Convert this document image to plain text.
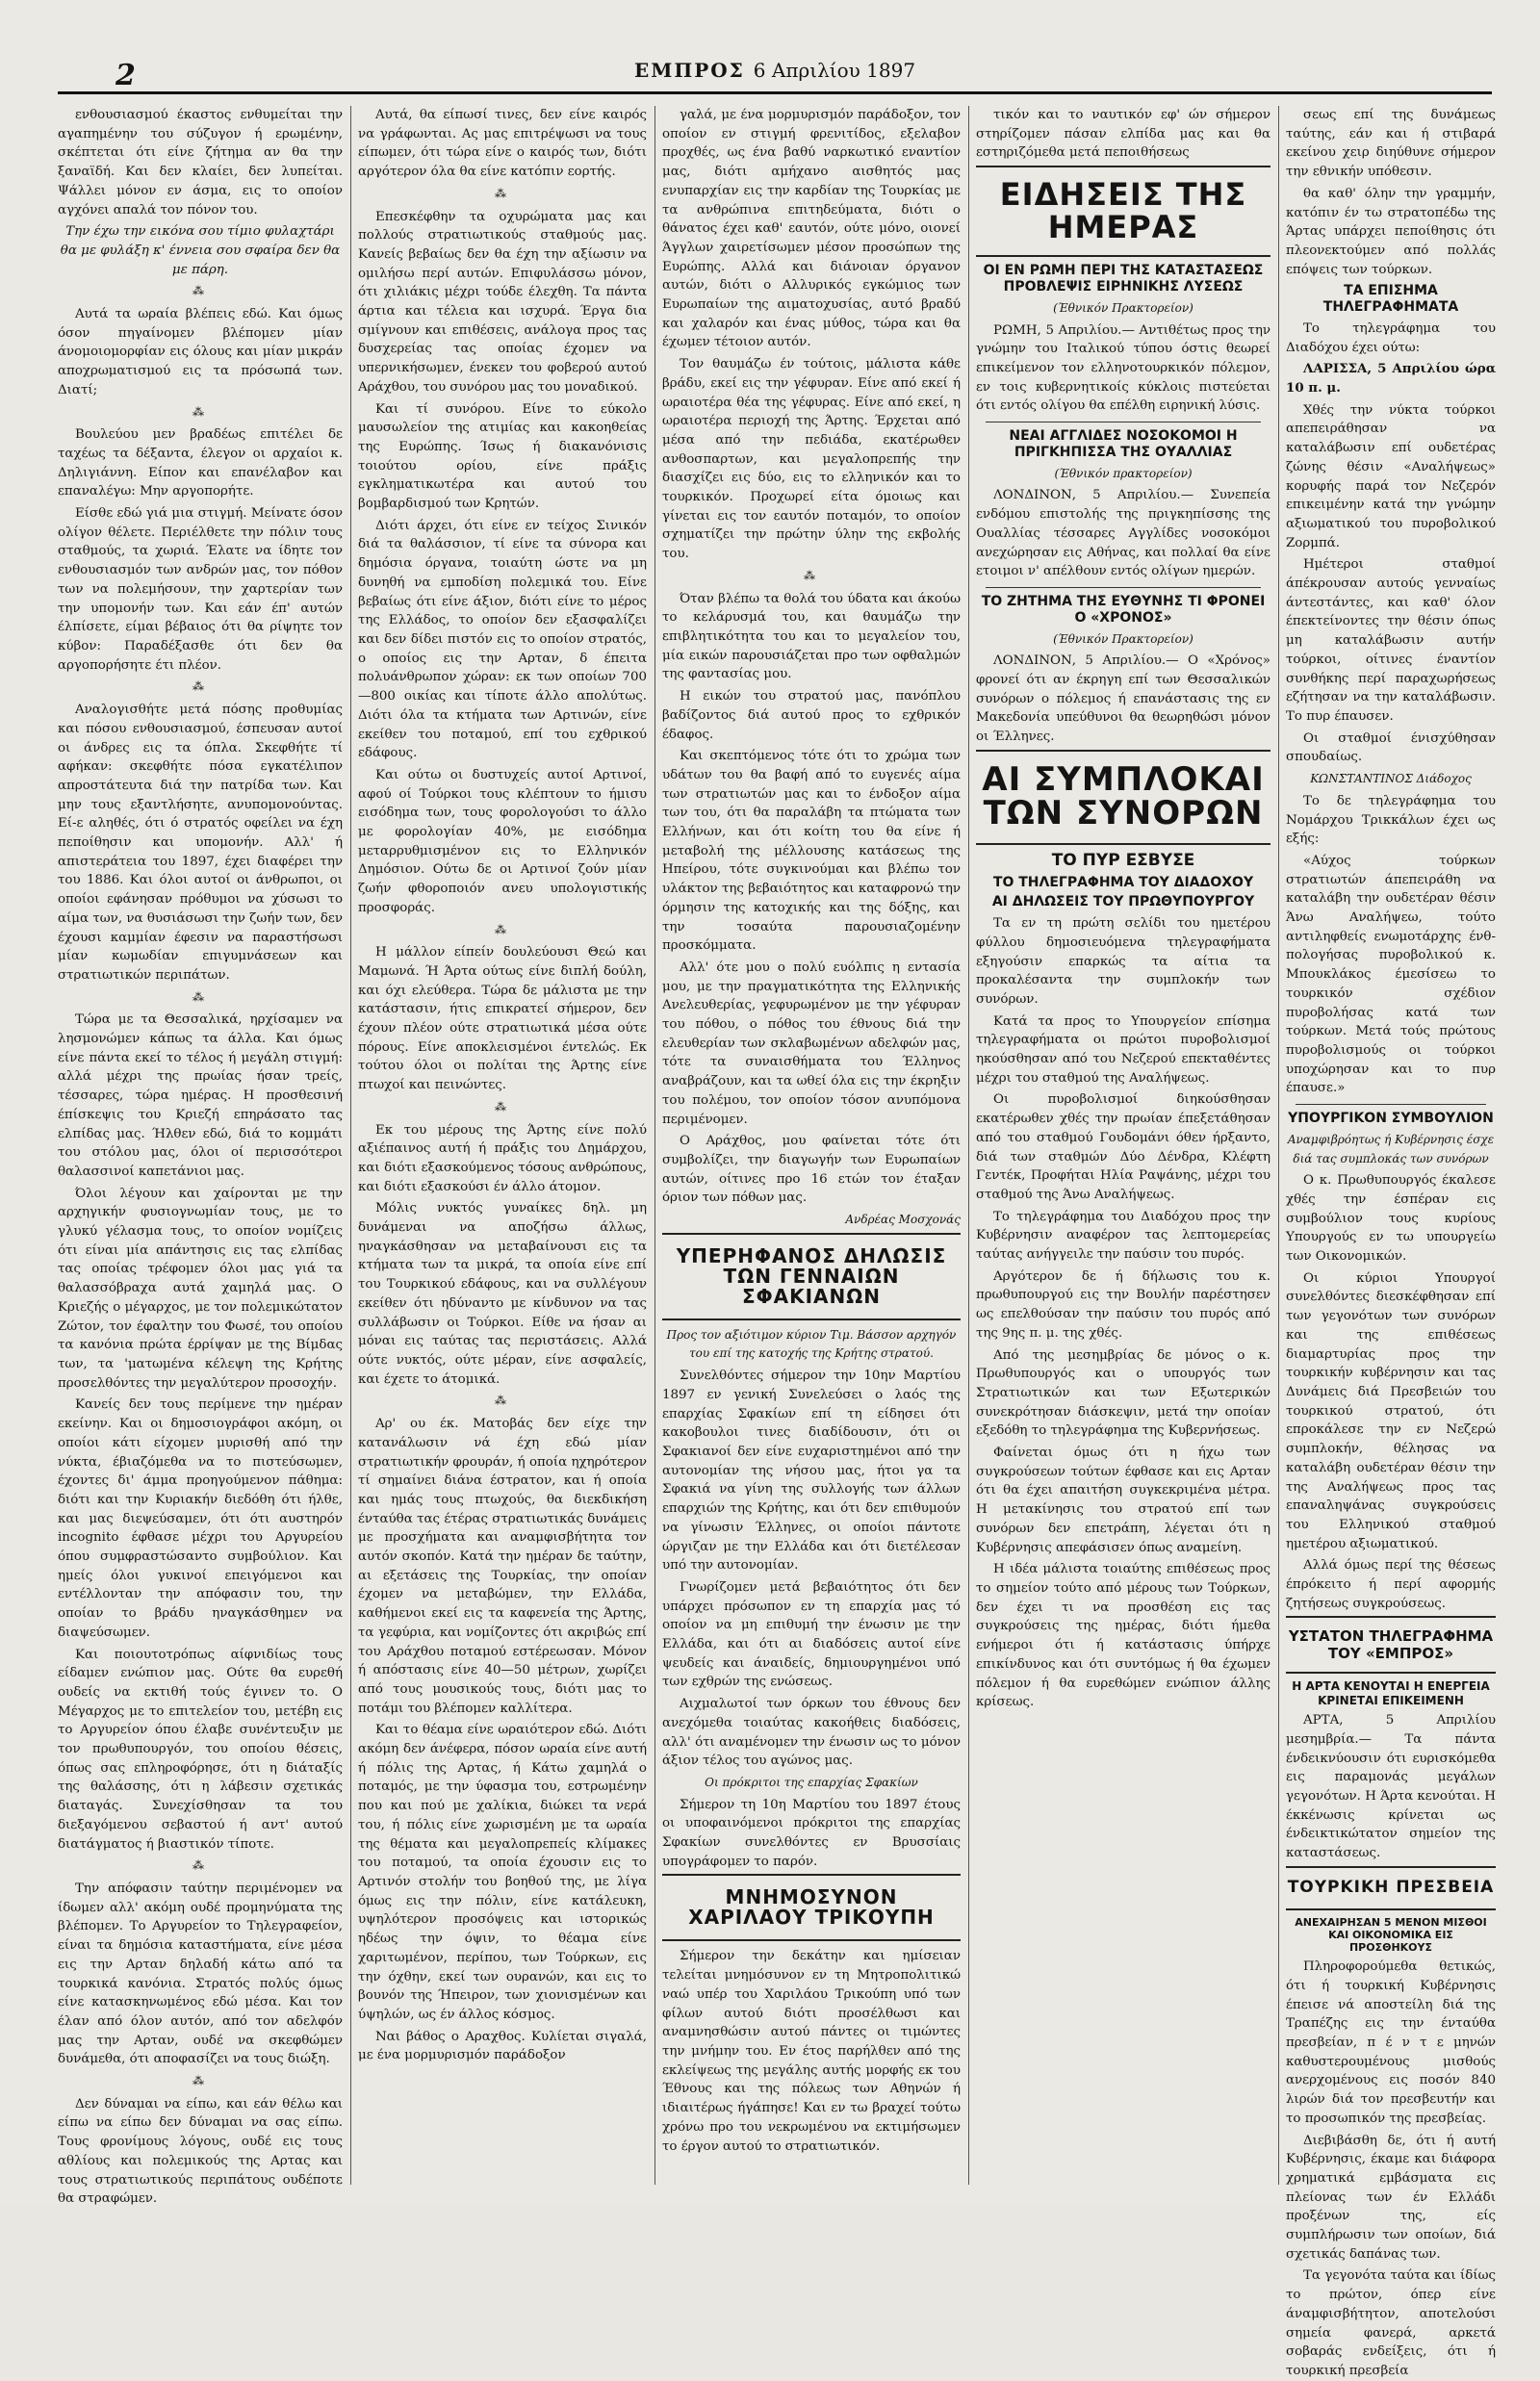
2	ΕΜΠΡΟΣ 6 Απριλίου 1897

ενθουσιασμού έκαστος ενθυμείται την αγαπημένην του σύζυγον ή ερωμένην, σκέπτεται ότι είνε ζήτημα αν θα την ξαναϊδή. Και δεν κλαίει, δεν λυπείται. Ψάλλει μόνον εν άσμα, εις το οποίον αγχόνει απαλά τον πόνον του.

Την έχω την εικόνα σου τίμιο φυλαχτάρι θα με φυλάξη κ' έννεια σου σφαίρα δεν θα με πάρη.

⁂

Αυτά τα ωραία βλέπεις εδώ. Και όμως όσον πηγαίνομεν βλέπομεν μίαν άνομοιομορφίαν εις όλους και μίαν μικράν αποχρωματισμού εις τα πρόσωπά των. Διατί;

⁂

Βουλεύου μεν βραδέως επιτέλει δε ταχέως τα δέξαντα, έλεγον οι αρχαίοι κ. Δηλιγιάννη. Είπον και επανέλαβον και επαναλέγω: Μην αργοπορήτε.

Είσθε εδώ γιά μια στιγμή. Μείνατε όσον ολίγον θέλετε. Περιέλθετε την πόλιν τους σταθμούς, τα χωριά. Έλατε να ίδητε τον ενθουσιασμόν των ανδρών μας, τον πόθον των να πολεμήσουν, την χαρτερίαν των την υπομονήν των. Και εάν έπ' αυτών έλπίσετε, είμαι βέβαιος ότι θα ρίψητε τον κύβον: Παραδέξασθε ότι δεν θα αργοπορήσητε έτι πλέον.

⁂

Αναλογισθήτε μετά πόσης προθυμίας και πόσου ενθουσιασμού, έσπευσαν αυτοί οι άνδρες εις τα όπλα. Σκεφθήτε τί αφήκαν: σκεφθήτε πόσα εγκατέλιπον απροστάτευτα διά την πατρίδα των. Και μην τους εξαντλήσητε, ανυπομονούντας. Εί-ε αληθές, ότι ό στρατός οφείλει να έχη πεποίθησιν και υπομονήν. Αλλ' ή απιστεράτεια του 1897, έχει διαφέρει την του 1886. Και όλοι αυτοί οι άνθρωποι, οι οποίοι εφάνησαν πρόθυμοι να χύσωσι το αίμα των, να θυσιάσωσι την ζωήν των, δεν έχουσι καμμίαν έφεσιν να παραστήσωσι μίαν κωμωδίαν επιγυμνάσεων και στρατιωτικών περιπάτων.

⁂

Τώρα με τα Θεσσαλικά, ηρχίσαμεν να λησμονώμεν κάπως τα άλλα. Και όμως είνε πάντα εκεί το τέλος ή μεγάλη στιγμή: αλλά μέχρι της πρωίας ήσαν τρείς, τέσσαρες, τώρα ημέρας. Η προσθεσινή έπίσκεψις του Κριεζή επηράσατο τας ελπίδας μας. Ήλθεν εδώ, διά το κομμάτι του στόλου μας, όλοι οί περισσότεροι θαλασσινοί καπετάνιοι μας.

Όλοι λέγουν και χαίρονται με την αρχηγικήν φυσιογνωμίαν τους, με το γλυκύ γέλασμα τους, το οποίον νομίζεις ότι είναι μία απάντησις εις τας ελπίδας τας οποίας τρέφομεν όλοι μας γιά τα θαλασσόβραχα αυτά χαμηλά μας. Ο Κριεζής ο μέγαρχος, με τον πολεμικώτατον Ζώτον, τον έφαλτην του Φωσέ, του οποίου τα κανόνια πρώτα έρρίψαν με της Βίμδας των, τα 'ματωμένα κέλεψη της Κρήτης προσελθόντες την μεγαλύτερον προσοχήν.

Κανείς δεν τους περίμενε την ημέραν εκείνην. Και οι δημοσιογράφοι ακόμη, οι οποίοι κάτι είχομεν μυρισθή από την νύκτα, έβιαζόμεθα να το πιστεύσωμεν, έχοντες δι' άμμα προηγούμενον πάθημα: διότι και την Κυριακήν διεδόθη ότι ήλθε, και μας διεψεύσαμεν, ότι ότι αυστηρόν incognito έφθασε μέχρι του Αργυρείου όπου συμφραστώσαντο συμβούλιον. Και ημείς όλοι γυκινοί επειγόμενοι και εντέλλονταν την απόφασιν του, την οποίαν το βράδυ ηναγκάσθημεν να διαψεύσωμεν.

Και ποιουτοτρόπως αίφνιδίως τους είδαμεν ενώπιον μας. Ούτε θα ευρεθή ουδείς να εκτιθή τούς έγινεν το. Ο Μέγαρχος με το επιτελείον του, μετέβη εις το Αργυρείον όπου έλαβε συνέντευξιν με τον πρωθυπουργόν, του οποίου θέσεις, όπως σας επληροφόρησε, ότι η διάταξίς της θαλάσσης, ότι η λάβεσιν σχετικάς διαταγάς. Συνεχίσθησαν τα του διεξαγόμενου σεβαστού ή αντ' αυτού διατάγματος ή βιαστικόν τίποτε.

⁂

Την απόφασιν ταύτην περιμένομεν να ίδωμεν αλλ' ακόμη ουδέ προμηνύματα της βλέπομεν. Το Αργυρείον το Τηλεγραφείον, είναι τα δημόσια καταστήματα, είνε μέσα εις την Αρταν δηλαδή κάτω από τα τουρκικά κανόνια. Στρατός πολύς όμως είνε κατασκηνωμένος εδώ μέσα. Και τον έλαν από όλον αυτόν, από τον αδελφόν μας την Αρταν, ουδέ να σκεφθώμεν δυνάμεθα, ότι αποφασίζει να τους διώξη.

⁂

Δεν δύναμαι να είπω, και εάν θέλω και είπω να είπω δεν δύναμαι να σας είπω. Τους φρονίμους λόγους, ουδέ εις τους αθλίους και πολεμικούς της Αρτας και τους στρατιωτικούς περιπάτους ουδέποτε θα στραφώμεν.

Αυτά, θα είπωσί τινες, δεν είνε καιρός να γράφωνται. Ας μας επιτρέψωσι να τους είπωμεν, ότι τώρα είνε ο καιρός των, διότι αργότερον όλα θα είνε κατόπιν εορτής.

⁂

Επεσκέφθην τα οχυρώματα μας και πολλούς στρατιωτικούς σταθμούς μας. Κανείς βεβαίως δεν θα έχη την αξίωσιν να ομιλήσω περί αυτών. Επιφυλάσσω μόνον, ότι χιλιάκις μέχρι τούδε έλεχθη. Τα πάντα άρτια και τέλεια και ισχυρά. Έργα δια σμίγνουν και επιθέσεις, ανάλογα προς τας δυσχερείας τας οποίας έχομεν να υπερνικήσωμεν, ένεκεν του φοβερού αυτού Αράχθου, του συνόρου μας του μοναδικού.

Και τί συνόρου. Είνε το εύκολο μαυσωλείον της ατιμίας και κακοηθείας της Ευρώπης. Ίσως ή διακανόνισις τοιούτου ορίου, είνε πράξις εγκληματικωτέρα και αυτού του βομβαρδισμού των Κρητών.

Διότι άρχει, ότι είνε εν τείχος Σινικόν διά τα θαλάσσιον, τί είνε τα σύνορα και δημόσια όργανα, τοιαύτη ώστε να μη δυνηθή να εμποδίση πολεμικά του. Είνε βεβαίως ότι είνε άξιον, διότι είνε το μέρος της Ελλάδος, το οποίον δεν εξασφαλίζει και δεν δίδει πιστόν εις το οποίον στρατός, ο οποίος εις την Αρταν, δ έπειτα πολυάνθρωπον χώραν: εκ των οποίων 700—800 οικίας και τίποτε άλλο απολύτως. Διότι όλα τα κτήματα των Αρτινών, είνε εκείθεν του ποταμού, επί του εχθρικού εδάφους.

Και ούτω οι δυστυχείς αυτοί Αρτινοί, αφού οί Τούρκοι τους κλέπτουν το ήμισυ εισόδημα των, τους φορολογούσι το άλλο με φορολογίαν 40%, με εισόδημα μεταρρυθμισμένον εις το Ελληνικόν Δημόσιον. Ούτω δε οι Αρτινοί ζούν μίαν ζωήν φθοροποιόν ανευ υπολογιστικής προσφοράς.

⁂

Η μάλλον είπείν δουλεύουσι Θεώ και Μαμωνά. Ή Άρτα ούτως είνε διπλή δούλη, και όχι ελεύθερα. Τώρα δε μάλιστα με την κατάστασιν, ήτις επικρατεί σήμερον, δεν έχουν πλέον ούτε στρατιωτικά μέσα ούτε πόρους. Είνε αποκλεισμένοι έντελώς. Εκ τούτου όλοι οι πολίται της Άρτης είνε πτωχοί και πεινώντες.

⁂

Εκ του μέρους της Άρτης είνε πολύ αξιέπαινος αυτή ή πράξις του Δημάρχου, και διότι εξασκούμενος τόσους ανθρώπους, και διότι εξασκούσι έν άλλο άτομον.

Μόλις νυκτός γυναίκες δηλ. μη δυνάμεναι να αποζήσω άλλως, ηναγκάσθησαν να μεταβαίνουσι εις τα κτήματα των τα μικρά, τα οποία είνε επί του Τουρκικού εδάφους, και να συλλέγουν εκείθεν ότι ηδύναντο με κίνδυνον να τας συλλάβωσιν οι Τούρκοι. Είθε να ήσαν αι μόναι εις ταύτας τας περιστάσεις. Αλλά ούτε νυκτός, ούτε μέραν, είνε ασφαλείς, και έχετε το άτομικά.

⁂

Αρ' ου έκ. Ματοβάς δεν είχε την κατανάλωσιν νά έχη εδώ μίαν στρατιωτικήν φρουράν, ή οποία ηχηρότερον τί σημαίνει διάνα έστρατον, και ή οποία και ημάς τους πτωχούς, θα διεκδικήση ένταύθα τας έτέρας στρατιωτικάς δυνάμεις με προσχήματα και αναμφισβήτητα τον αυτόν σκοπόν. Κατά την ημέραν δε ταύτην, αι εξετάσεις της Τουρκίας, την οποίαν έχομεν να μεταβώμεν, την Ελλάδα, καθήμενοι εκεί εις τα καφενεία της Άρτης, τα γεφύρια, και νομίζοντες ότι ακριβώς επί του Αράχθου ποταμού εστέρεωσαν. Μόνον ή απόστασις είνε 40—50 μέτρων, χωρίζει από τους μουσικούς τους, διότι μας το ποτάμι του βλέπομεν καλλίτερα.

Και το θέαμα είνε ωραιότερον εδώ. Διότι ακόμη δεν άνέφερα, πόσον ωραία είνε αυτή ή πόλις της Αρτας, ή Κάτω χαμηλά ο ποταμός, με την ύφασμα του, εστρωμένην που και πού με χαλίκια, διώκει τα νερά του, ή πόλις είνε χωρισμένη με τα ωραία της θέματα και μεγαλοπρεπείς κλίμακες του ποταμού, τα οποία έχουσιν εις το Αρτινόν στολήν του βοηθού της, με λίγα όμως εις την πόλιν, είνε κατάλευκη, υψηλότερον προσόψεις και ιστορικώς ηδέως την όψιν, το θέαμα είνε χαριτωμένον, περίπου, των Τούρκων, εις την όχθην, εκεί των ουρανών, και εις το βουνόν της Ήπειρον, των χιονισμένων και ύψηλών, ως έν άλλος κόσμος.

Ναι βάθος ο Αραχθος. Κυλίεται σιγαλά, με ένα μορμυρισμόν παράδοξον

γαλά, με ένα μορμυρισμόν παράδοξον, τον οποίον εν στιγμή φρενιτίδος, εξελαβον προχθές, ως ένα βαθύ ναρκωτικό εναντίον μας, διότι αμήχανο αισθητός μας ενυπαρχίαν εις την καρδίαν της Τουρκίας με τα ανθρώπινα επιτηδεύματα, διότι ο θάνατος έχει καθ' εαυτόν, ούτε μόνο, οιονεί Άγγλων χαιρετίσωμεν μέσον προσώπων της Ευρώπης. Αλλά και διάνοιαν όργανον αυτών, διότι ο Αλλυρικός εγκώμιος των Ευρωπαίων της αιματοχυσίας, αυτό βραδύ και χαλαρόν και ένας μύθος, τώρα και θα έχωμεν τέτοιον αυτόν.

Τον θαυμάζω έν τούτοις, μάλιστα κάθε βράδυ, εκεί εις την γέφυραν. Είνε από εκεί ή ωραιοτέρα θέα της γέφυρας. Είνε από εκεί, η ωραιοτέρα περιοχή της Άρτης. Έρχεται από μέσα από την πεδιάδα, εκατέρωθεν ανθοσπαρτων, και μεγαλοπρεπής την διασχίζει εις δύο, εις το ελληνικόν και το τουρκικόν. Προχωρεί είτα όμοιως και γίνεται εις τον εαυτόν ποταμόν, το οποίον σχηματίζει την πρώτην ύλην της εκβολής του.

⁂

Όταν βλέπω τα θολά του ύδατα και άκούω το κελάρυσμά του, και θαυμάζω την επιβλητικότητα του και το μεγαλείον του, μία εικών παρουσιάζεται προ των οφθαλμών της φαντασίας μου.

Η εικών του στρατού μας, πανόπλου βαδίζοντος διά αυτού προς το εχθρικόν έδαφος.

Και σκεπτόμενος τότε ότι το χρώμα των υδάτων του θα βαφή από το ευγενές αίμα των στρατιωτών μας και το ένδοξον αίμα των του, ότι θα παραλάβη τα πτώματα των Ελλήνων, και ότι κοίτη του θα είνε ή μεταβολή της μέλλουσης κατάσεως της Ηπείρου, τότε συγκινούμαι και βλέπω τον υλάκτον της βεβαιότητος και καταφρονώ την όρμησιν της κατοχικής και της δόξης, και την τοσαύτα παρουσιαζομένην προσκόμματα.

Αλλ' ότε μου ο πολύ ευόλπις η εντασία μου, με την πραγματικότητα της Ελληνικής Ανελευθερίας, γεφυρωμένον με την γέφυραν του πόθου, ο πόθος του έθνους διά την ελευθερίαν των σκλαβωμένων αδελφών μας, τότε τα συναισθήματα του Έλληνος αναβράζουν, και τα ωθεί όλα εις την έκρηξιν του πολέμου, τον οποίον τόσον ανυπόμονα περιμένομεν.

Ο Αράχθος, μου φαίνεται τότε ότι συμβολίζει, την διαγωγήν των Ευρωπαίων αυτών, οίτινες προ 16 ετών τον έταξαν όριον των πόθων μας.

Ανδρέας Μοσχονάς

ΥΠΕΡΗΦΑΝΟΣ ΔΗΛΩΣΙΣ ΤΩΝ ΓΕΝΝΑΙΩΝ ΣΦΑΚΙΑΝΩΝ

Προς τον αξιότιμον κύριον Τιμ. Βάσσον αρχηγόν του επί της κατοχής της Κρήτης στρατού.

Συνελθόντες σήμερον την 10ην Μαρτίου 1897 εν γενική Συνελεύσει ο λαός της επαρχίας Σφακίων επί τη είδησει ότι κακοβουλοι τινες διαδίδουσιν, ότι οι Σφακιανοί δεν είνε ευχαριστημένοι από την αυτονομίαν της νήσου μας, ήτοι γα τα Σφακιά να γίνη της συλλογής των άλλων επαρχιών της Κρήτης, και ότι δεν επιθυμούν να γίνωσιν Έλληνες, οι οποίοι πάντοτε ώργιζαν με την Ελλάδα και ότι διετέλεσαν υπό την αυτονομίαν.

Γνωρίζομεν μετά βεβαιότητος ότι δεν υπάρχει πρόσωπον εν τη επαρχία μας τό οποίον να μη επιθυμή την ένωσιν με την Ελλάδα, και ότι αι διαδόσεις αυτοί είνε ψευδείς και άναιδείς, δημιουργημένοι υπό των εχθρών της ενώσεως.

Αιχμαλωτοί των όρκων του έθνους δεν ανεχόμεθα τοιαύτας κακοήθεις διαδόσεις, αλλ' ότι αναμένομεν την ένωσιν ως το μόνον άξιον τέλος του αγώνος μας.

Οι πρόκριτοι της επαρχίας Σφακίων

Σήμερον τη 10η Μαρτίου του 1897 έτους οι υποφαινόμενοι πρόκριτοι της επαρχίας Σφακίων συνελθόντες εν Βρυσσίαις υπογράφομεν το παρόν.

ΜΝΗΜΟΣΥΝΟΝ ΧΑΡΙΛΑΟΥ ΤΡΙΚΟΥΠΗ

Σήμερον την δεκάτην και ημίσειαν τελείται μνημόσυνον εν τη Μητροπολιτικώ ναώ υπέρ του Χαριλάου Τρικούπη υπό των φίλων αυτού διότι προσέλθωσι και αναμνησθώσιν αυτού πάντες οι τιμώντες την μνήμην του. Εν έτος παρήλθεν από της εκλείψεως της μεγάλης αυτής μορφής εκ του Έθνους και της πόλεως των Αθηνών ή ιδιαιτέρως ήγάπησε! Και εν τω βραχεί τούτω χρόνω προ του νεκρωμένου να εκτιμήσωμεν το έργον αυτού το στρατιωτικόν.

τικόν και το ναυτικόν εφ' ών σήμερον στηρίζομεν πάσαν ελπίδα μας και θα εστηριζόμεθα μετά πεποιθήσεως

ΕΙΔΗΣΕΙΣ ΤΗΣ ΗΜΕΡΑΣ
ΟΙ ΕΝ ΡΩΜΗ ΠΕΡΙ ΤΗΣ ΚΑΤΑΣΤΑΣΕΩΣ ΠΡΟΒΛΕΨΙΣ ΕΙΡΗΝΙΚΗΣ ΛΥΣΕΩΣ

(Έθνικόν Πρακτορείον)

ΡΩΜΗ, 5 Απριλίου.— Αντιθέτως προς την γνώμην του Ιταλικού τύπου όστις θεωρεί επικείμενον τον ελληνοτουρκικόν πόλεμον, εν τοις κυβερνητικοίς κύκλοις πιστεύεται ότι εντός ολίγου θα επέλθη ειρηνική λύσις.

ΝΕΑΙ ΑΓΓΛΙΔΕΣ ΝΟΣΟΚΟΜΟΙ Η ΠΡΙΓΚΗΠΙΣΣΑ ΤΗΣ ΟΥΑΛΛΙΑΣ

(Έθνικόν πρακτορείον)

ΛΟΝΔΙΝΟΝ, 5 Απριλίου.— Συνεπεία ενδόμου επιστολής της πριγκηπίσσης της Ουαλλίας τέσσαρες Αγγλίδες νοσοκόμοι ανεχώρησαν εις Αθήνας, και πολλαί θα είνε ετοιμοι ν' απέλθουν εντός ολίγων ημερών.

ΤΟ ΖΗΤΗΜΑ ΤΗΣ ΕΥΘΥΝΗΣ ΤΙ ΦΡΟΝΕΙ Ο «ΧΡΟΝΟΣ»

(Έθνικόν Πρακτορείον)

ΛΟΝΔΙΝΟΝ, 5 Απριλίου.— Ο «Χρόνος» φρονεί ότι αν έκρηγη επί των Θεσσαλικών συνόρων ο πόλεμος ή επανάστασις της εν Μακεδονία υπεύθυνοι θα θεωρηθώσι μόνον οι Έλληνες.

ΑΙ ΣΥΜΠΛΟΚΑΙ ΤΩΝ ΣΥΝΟΡΩΝ
ΤΟ ΠΥΡ ΕΣΒΥΣΕ
ΤΟ ΤΗΛΕΓΡΑΦΗΜΑ ΤΟΥ ΔΙΑΔΟΧΟΥ
ΑΙ ΔΗΛΩΣΕΙΣ ΤΟΥ ΠΡΩΘΥΠΟΥΡΓΟΥ

Τα εν τη πρώτη σελίδι του ημετέρου φύλλου δημοσιευόμενα τηλεγραφήματα εξηγούσιν επαρκώς τα αίτια τα προκαλέσαντα την συμπλοκήν των συνόρων.

Κατά τα προς το Υπουργείον επίσημα τηλεγραφήματα οι πρώτοι πυροβολισμοί ηκούσθησαν από του Νεζερού επεκταθέντες μέχρι του σταθμού της Αναλήψεως.

Οι πυροβολισμοί διηκούσθησαν εκατέρωθεν χθές την πρωίαν έπεξετάθησαν από του σταθμού Γουδομάνι όθεν ήρξαντο, διά των σταθμών Δύο Δένδρα, Κλέφτη Γεντέκ, Προφήται Ηλία Ραψάνης, μέχρι του σταθμού της Άνω Αναλήψεως.

Το τηλεγράφημα του Διαδόχου προς την Κυβέρνησιν αναφέρον τας λεπτομερείας ταύτας ανήγγειλε την παύσιν του πυρός.

Αργότερον δε ή δήλωσις του κ. πρωθυπουργού εις την Βουλήν παρέστησεν ως επελθούσαν την παύσιν του πυρός από της 9ης π. μ. της χθές.

Από της μεσημβρίας δε μόνος ο κ. Πρωθυπουργός και ο υπουργός των Στρατιωτικών και των Εξωτερικών συνεκρότησαν διάσκεψιν, μετά την οποίαν εξεδόθη το τηλεγράφημα της Κυβερνήσεως.

Φαίνεται όμως ότι η ήχω των συγκρούσεων τούτων έφθασε και εις Αρταν ότι θα έχει απαιτήση συγκεκριμένα μέτρα. Η μετακίνησις του στρατού επί των συνόρων δεν επετράπη, λέγεται ότι η Κυβέρνησις απεφάσισεν όπως αναμείνη.

Η ιδέα μάλιστα τοιαύτης επιθέσεως προς το σημείον τούτο από μέρους των Τούρκων, δεν έχει τι να προσθέση εις τας συγκρούσεις της ημέρας, διότι ήμεθα ενήμεροι ότι ή κατάστασις ύπήρχε επικίνδυνος και ότι συντόμως ή θα έχωμεν πόλεμον ή θα ευρεθώμεν ενώπιον άλλης κρίσεως.

σεως επί της δυνάμεως ταύτης, εάν και ή στιβαρά εκείνου χειρ διηύθυνε σήμερον την εθνικήν υπόθεσιν.

θα καθ' όλην την γραμμήν, κατόπιν έν τω στρατοπέδω της Άρτας υπάρχει πεποίθησις ότι πλεονεκτούμεν από πολλάς επόψεις των τούρκων.

ΤΑ ΕΠΙΣΗΜΑ ΤΗΛΕΓΡΑΦΗΜΑΤΑ

Το τηλεγράφημα του Διαδόχου έχει ούτω:

ΛΑΡΙΣΣΑ, 5 Απριλίου ώρα 10 π. μ.

Χθές την νύκτα τούρκοι απεπειράθησαν να καταλάβωσιν επί ουδετέρας ζώνης θέσιν «Αναλήψεως» κορυφής παρά τον Νεζερόν επικειμένην κατά την γνώμην αξιωματικού του πυροβολικού Ζορμπά.

Ημέτεροι σταθμοί άπέκρουσαν αυτούς γενναίως άντεστάντες, και καθ' όλον έπεκτείνοντες την θέσιν όπως μη καταλάβωσιν αυτήν τούρκοι, οίτινες έναντίον συνθήκης περί παραχωρήσεως εζήτησαν να την καταλάβωσιν. Το πυρ έπαυσεν.

Οι σταθμοί ένισχύθησαν σπουδαίως.

ΚΩΝΣΤΑΝΤΙΝΟΣ Διάδοχος

Το δε τηλεγράφημα του Νομάρχου Τρικκάλων έχει ως εξής:

«Αύχος τούρκων στρατιωτών άπεπειράθη να καταλάβη την ουδετέραν θέσιν Άνω Αναλήψεω, τούτο αντιληφθείς ενωμοτάρχης ένθ-πολογήσας πυροβολικού κ. Μπουκλάκος έμεσίσεω το τουρκικόν σχέδιον πυροβολήσας κατά των τούρκων. Μετά τούς πρώτους πυροβολισμούς οι τούρκοι υποχώρησαν και το πυρ έπαυσε.»

ΥΠΟΥΡΓΙΚΟΝ ΣΥΜΒΟΥΛΙΟΝ

Αναμφιβρόητως ή Κυβέρνησις έσχε διά τας συμπλοκάς των συνόρων

Ο κ. Πρωθυπουργός έκαλεσε χθές την έσπέραν εις συμβούλιον τους κυρίους Υπουργούς εν τω υπουργείω των Οικονομικών.

Οι κύριοι Υπουργοί συνελθόντες διεσκέφθησαν επί των γεγονότων των συνόρων και της επιθέσεως διαμαρτυρίας προς την τουρκικήν κυβέρνησιν και τας Δυνάμεις διά Πρεσβειών του τουρκικού στρατού, ότι επροκάλεσε την εν Νεζερώ συμπλοκήν, θέλησας να καταλάβη ουδετέραν θέσιν την της Αναλήψεως προς τας επαναληψάνας συγκρούσεις του Ελληνικού σταθμού ημετέρου αξιωματικού.

Αλλά όμως περί της θέσεως έπρόκειτο ή περί αφορμής ζητήσεως συγκρούσεως.

ΥΣΤΑΤΟΝ ΤΗΛΕΓΡΑΦΗΜΑ ΤΟΥ «ΕΜΠΡΟΣ»
Η ΑΡΤΑ ΚΕΝΟΥΤΑΙ Η ΕΝΕΡΓΕΙΑ ΚΡΙΝΕΤΑΙ ΕΠΙΚΕΙΜΕΝΗ

ΑΡΤΑ, 5 Απριλίου μεσημβρία.— Τα πάντα ένδεικνύουσιν ότι ευρισκόμεθα εις παραμονάς μεγάλων γεγονότων. Η Άρτα κενούται. Η έκκένωσις κρίνεται ως ένδεικτικώτατον σημείον της καταστάσεως.

ΤΟΥΡΚΙΚΗ ΠΡΕΣΒΕΙΑ
ΑΝΕΧΑΙΡΗΣΑΝ 5 ΜΕΝΟΝ ΜΙΣΘΟΙ ΚΑΙ ΟΙΚΟΝΟΜΙΚΑ ΕΙΣ ΠΡΟΣΘΗΚΟΥΣ

Πληροφορούμεθα θετικώς, ότι ή τουρκική Κυβέρνησις έπεισε νά αποστείλη διά της Τραπέζης εις την ένταύθα πρεσβείαν, π έ ν τ ε μηνών καθυστερουμένους μισθούς ανερχομένους εις ποσόν 840 λιρών διά τον πρεσβευτήν και το προσωπικόν της πρεσβείας.

Διεβιβάσθη δε, ότι ή αυτή Κυβέρνησις, έκαμε και διάφορα χρηματικά εμβάσματα εις πλείονας των έν Ελλάδι προξένων της, είς συμπλήρωσιν των οποίων, διά σχετικάς δαπάνας των.

Τα γεγονότα ταύτα και ίδίως το πρώτον, όπερ είνε άναμφισβήτητον, αποτελούσι σημεία φανερά, αρκετά σοβαράς ενδείξεις, ότι ή τουρκική πρεσβεία
